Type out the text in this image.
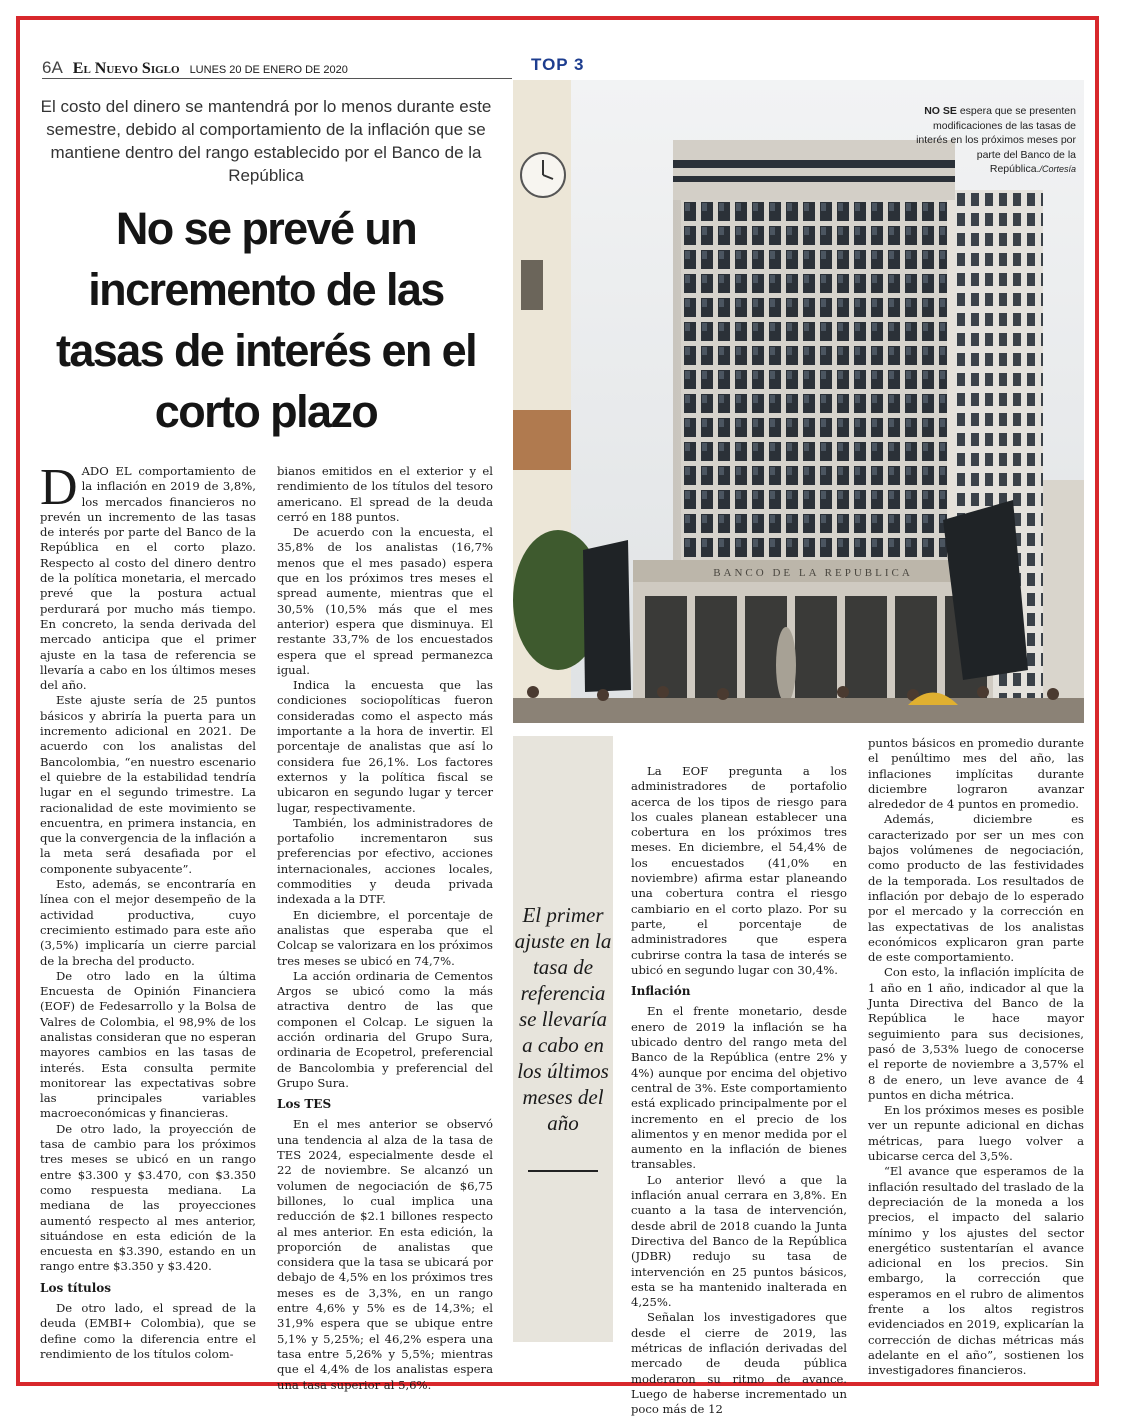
6A El Nuevo Siglo LUNES 20 DE ENERO DE 2020	TOP 3
El costo del dinero se mantendrá por lo menos durante este semestre, debido al comportamiento de la inflación que se mantiene dentro del rango establecido por el Banco de la República
No se prevé un incremento de las tasas de interés en el corto plazo
BANCO DE LA REPUBLICA
NO SE espera que se presenten modificaciones de las tasas de interés en los próximos meses por parte del Banco de la República./Cortesía

DADO EL comportamiento de la inflación en 2019 de 3,8%, los mercados financieros no prevén un incremento de las tasas de interés por parte del Banco de la República en el corto plazo. Respecto al costo del dinero dentro de la política monetaria, el mercado prevé que la postura actual perdurará por mucho más tiempo. En concreto, la senda derivada del mercado anticipa que el primer ajuste en la tasa de referencia se llevaría a cabo en los últimos meses del año.

Este ajuste sería de 25 puntos básicos y abriría la puerta para un incremento adicional en 2021. De acuerdo con los analistas del Bancolombia, “en nuestro escenario el quiebre de la estabilidad tendría lugar en el segundo trimestre. La racionalidad de este movimiento se encuentra, en primera instancia, en que la convergencia de la inflación a la meta será desafiada por el componente subyacente”.

Esto, además, se encontraría en línea con el mejor desempeño de la actividad productiva, cuyo crecimiento estimado para este año (3,5%) implicaría un cierre parcial de la brecha del producto.

De otro lado en la última Encuesta de Opinión Financiera (EOF) de Fedesarrollo y la Bolsa de Valres de Colombia, el 98,9% de los analistas consideran que no esperan mayores cambios en las tasas de interés. Esta consulta permite monitorear las expectativas sobre las principales variables macroeconómicas y financieras.

De otro lado, la proyección de tasa de cambio para los próximos tres meses se ubicó en un rango entre $3.300 y $3.470, con $3.350 como respuesta mediana. La mediana de las proyecciones aumentó respecto al mes anterior, situándose en esta edición de la encuesta en $3.390, estando en un rango entre $3.350 y $3.420.

Los títulos

De otro lado, el spread de la deuda (EMBI+ Colombia), que se define como la diferencia entre el rendimiento de los títulos colom-

bianos emitidos en el exterior y el rendimiento de los títulos del tesoro americano. El spread de la deuda cerró en 188 puntos.

De acuerdo con la encuesta, el 35,8% de los analistas (16,7% menos que el mes pasado) espera que en los próximos tres meses el spread aumente, mientras que el 30,5% (10,5% más que el mes anterior) espera que disminuya. El restante 33,7% de los encuestados espera que el spread permanezca igual.

Indica la encuesta que las condiciones sociopolíticas fueron consideradas como el aspecto más importante a la hora de invertir. El porcentaje de analistas que así lo considera fue 26,1%. Los factores externos y la política fiscal se ubicaron en segundo lugar y tercer lugar, respectivamente.

También, los administradores de portafolio incrementaron sus preferencias por efectivo, acciones internacionales, acciones locales, commodities y deuda privada indexada a la DTF.

En diciembre, el porcentaje de analistas que esperaba que el Colcap se valorizara en los próximos tres meses se ubicó en 74,7%.

La acción ordinaria de Cementos Argos se ubicó como la más atractiva dentro de las que componen el Colcap. Le siguen la acción ordinaria del Grupo Sura, ordinaria de Ecopetrol, preferencial de Bancolombia y preferencial del Grupo Sura.

Los TES

En el mes anterior se observó una tendencia al alza de la tasa de TES 2024, especialmente desde el 22 de noviembre. Se alcanzó un volumen de negociación de $6,75 billones, lo cual implica una reducción de $2.1 billones respecto al mes anterior. En esta edición, la proporción de analistas que considera que la tasa se ubicará por debajo de 4,5% en los próximos tres meses es de 3,3%, en un rango entre 4,6% y 5% es de 14,3%; el 31,9% espera que se ubique entre 5,1% y 5,25%; el 46,2% espera una tasa entre 5,26% y 5,5%; mientras que el 4,4% de los analistas espera una tasa superior al 5,6%.

El primer ajuste en la tasa de referencia se llevaría a cabo en los últimos meses del año

La EOF pregunta a los administradores de portafolio acerca de los tipos de riesgo para los cuales planean establecer una cobertura en los próximos tres meses. En diciembre, el 54,4% de los encuestados (41,0% en noviembre) afirma estar planeando una cobertura contra el riesgo cambiario en el corto plazo. Por su parte, el porcentaje de administradores que espera cubrirse contra la tasa de interés se ubicó en segundo lugar con 30,4%.

Inflación

En el frente monetario, desde enero de 2019 la inflación se ha ubicado dentro del rango meta del Banco de la República (entre 2% y 4%) aunque por encima del objetivo central de 3%. Este comportamiento está explicado principalmente por el incremento en el precio de los alimentos y en menor medida por el aumento en la inflación de bienes transables.

Lo anterior llevó a que la inflación anual cerrara en 3,8%. En cuanto a la tasa de intervención, desde abril de 2018 cuando la Junta Directiva del Banco de la República (JDBR) redujo su tasa de intervención en 25 puntos básicos, esta se ha mantenido inalterada en 4,25%.

Señalan los investigadores que desde el cierre de 2019, las métricas de inflación derivadas del mercado de deuda pública moderaron su ritmo de avance. Luego de haberse incrementado un poco más de 12

puntos básicos en promedio durante el penúltimo mes del año, las inflaciones implícitas durante diciembre lograron avanzar alrededor de 4 puntos en promedio.

Además, diciembre es caracterizado por ser un mes con bajos volúmenes de negociación, como producto de las festividades de la temporada. Los resultados de inflación por debajo de lo esperado por el mercado y la corrección en las expectativas de los analistas económicos explicaron gran parte de este comportamiento.

Con esto, la inflación implícita de 1 año en 1 año, indicador al que la Junta Directiva del Banco de la República le hace mayor seguimiento para sus decisiones, pasó de 3,53% luego de conocerse el reporte de noviembre a 3,57% el 8 de enero, un leve avance de 4 puntos en dicha métrica.

En los próximos meses es posible ver un repunte adicional en dichas métricas, para luego volver a ubicarse cerca del 3,5%.

“El avance que esperamos de la inflación resultado del traslado de la depreciación de la moneda a los precios, el impacto del salario mínimo y los ajustes del sector energético sustentarían el avance adicional en los precios. Sin embargo, la corrección que esperamos en el rubro de alimentos frente a los altos registros evidenciados en 2019, explicarían la corrección de dichas métricas más adelante en el año”, sostienen los investigadores financieros.
